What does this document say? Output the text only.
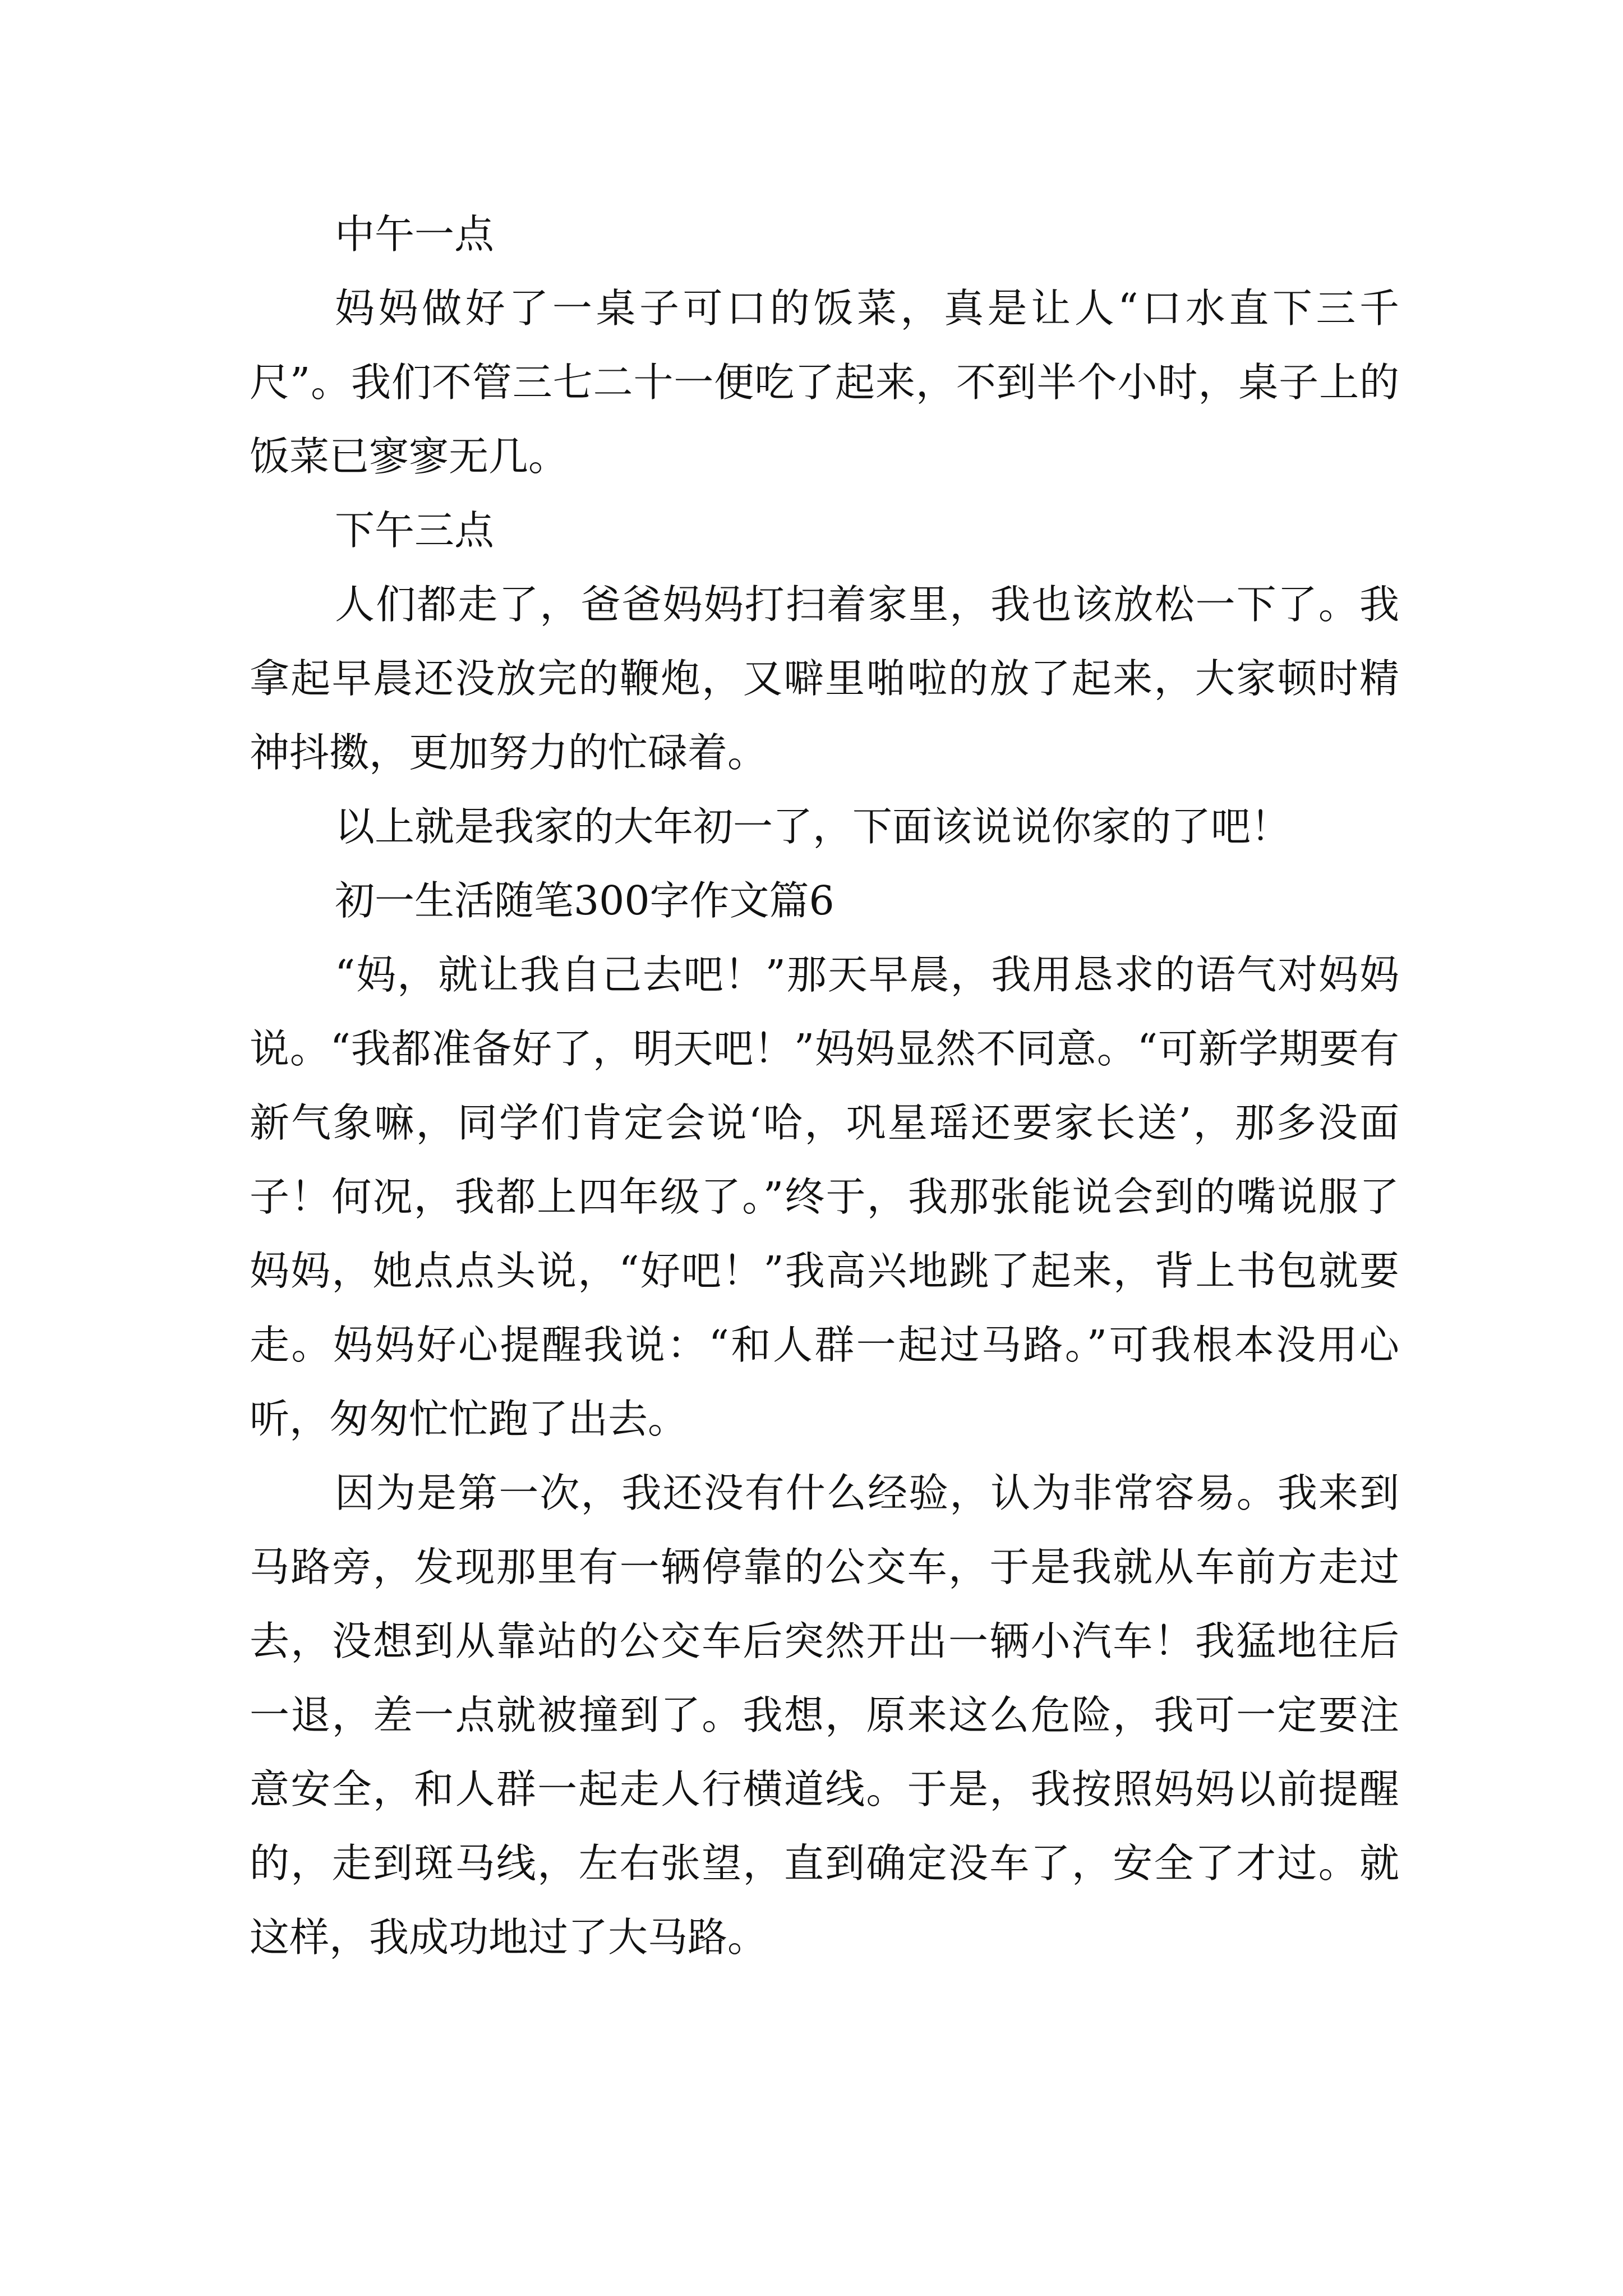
中午一点

妈妈做好了一桌子可口的饭菜，真是让人“口水直下三千尺”。我们不管三七二十一便吃了起来，不到半个小时，桌子上的饭菜已寥寥无几。

下午三点

人们都走了，爸爸妈妈打扫着家里，我也该放松一下了。我拿起早晨还没放完的鞭炮，又噼里啪啦的放了起来，大家顿时精神抖擞，更加努力的忙碌着。

以上就是我家的大年初一了，下面该说说你家的了吧！

初一生活随笔300字作文篇6

“妈，就让我自己去吧！”那天早晨，我用恳求的语气对妈妈说。“我都准备好了，明天吧！”妈妈显然不同意。“可新学期要有新气象嘛，同学们肯定会说‘哈，巩星瑶还要家长送’，那多没面子！何况，我都上四年级了。”终于，我那张能说会到的嘴说服了妈妈，她点点头说，“好吧！”我高兴地跳了起来，背上书包就要走。妈妈好心提醒我说：“和人群一起过马路。”可我根本没用心听，匆匆忙忙跑了出去。

因为是第一次，我还没有什么经验，认为非常容易。我来到马路旁，发现那里有一辆停靠的公交车，于是我就从车前方走过去，没想到从靠站的公交车后突然开出一辆小汽车！我猛地往后一退，差一点就被撞到了。我想，原来这么危险，我可一定要注意安全，和人群一起走人行横道线。于是，我按照妈妈以前提醒的，走到斑马线，左右张望，直到确定没车了，安全了才过。就这样，我成功地过了大马路。
